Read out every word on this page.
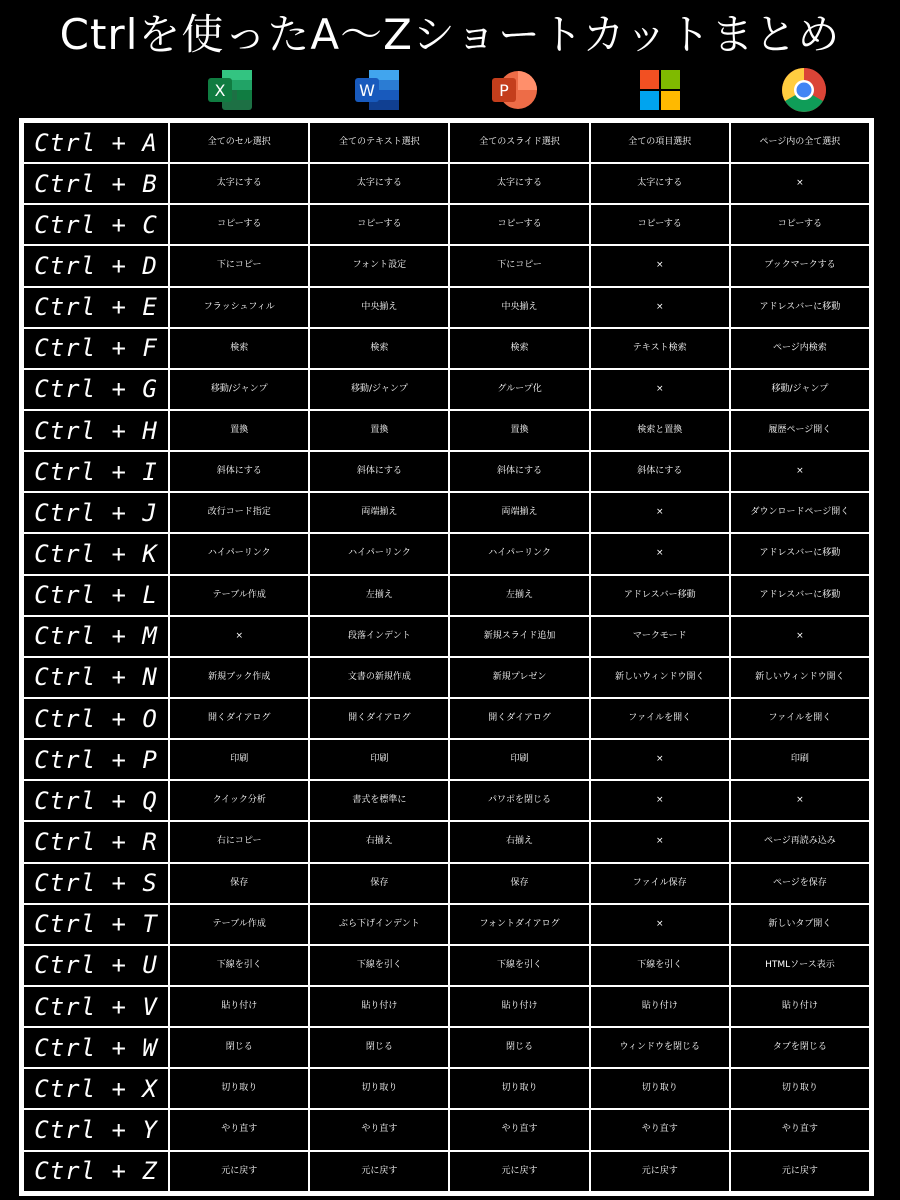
Ctrlを使ったA〜Zショートカットまとめ
X	W	P
Ctrl + A	全てのセル選択	全てのテキスト選択	全てのスライド選択	全ての項目選択	ページ内の全て選択
Ctrl + B	太字にする	太字にする	太字にする	太字にする	×
Ctrl + C	コピーする	コピーする	コピーする	コピーする	コピーする
Ctrl + D	下にコピー	フォント設定	下にコピー	×	ブックマークする
Ctrl + E	フラッシュフィル	中央揃え	中央揃え	×	アドレスバーに移動
Ctrl + F	検索	検索	検索	テキスト検索	ページ内検索
Ctrl + G	移動/ジャンプ	移動/ジャンプ	グループ化	×	移動/ジャンプ
Ctrl + H	置換	置換	置換	検索と置換	履歴ページ開く
Ctrl + I	斜体にする	斜体にする	斜体にする	斜体にする	×
Ctrl + J	改行コード指定	両端揃え	両端揃え	×	ダウンロードページ開く
Ctrl + K	ハイパーリンク	ハイパーリンク	ハイパーリンク	×	アドレスバーに移動
Ctrl + L	テーブル作成	左揃え	左揃え	アドレスバー移動	アドレスバーに移動
Ctrl + M	×	段落インデント	新規スライド追加	マークモード	×
Ctrl + N	新規ブック作成	文書の新規作成	新規プレゼン	新しいウィンドウ開く	新しいウィンドウ開く
Ctrl + O	開くダイアログ	開くダイアログ	開くダイアログ	ファイルを開く	ファイルを開く
Ctrl + P	印刷	印刷	印刷	×	印刷
Ctrl + Q	クイック分析	書式を標準に	パワポを閉じる	×	×
Ctrl + R	右にコピー	右揃え	右揃え	×	ページ再読み込み
Ctrl + S	保存	保存	保存	ファイル保存	ページを保存
Ctrl + T	テーブル作成	ぶら下げインデント	フォントダイアログ	×	新しいタブ開く
Ctrl + U	下線を引く	下線を引く	下線を引く	下線を引く	HTMLソース表示
Ctrl + V	貼り付け	貼り付け	貼り付け	貼り付け	貼り付け
Ctrl + W	閉じる	閉じる	閉じる	ウィンドウを閉じる	タブを閉じる
Ctrl + X	切り取り	切り取り	切り取り	切り取り	切り取り
Ctrl + Y	やり直す	やり直す	やり直す	やり直す	やり直す
Ctrl + Z	元に戻す	元に戻す	元に戻す	元に戻す	元に戻す
